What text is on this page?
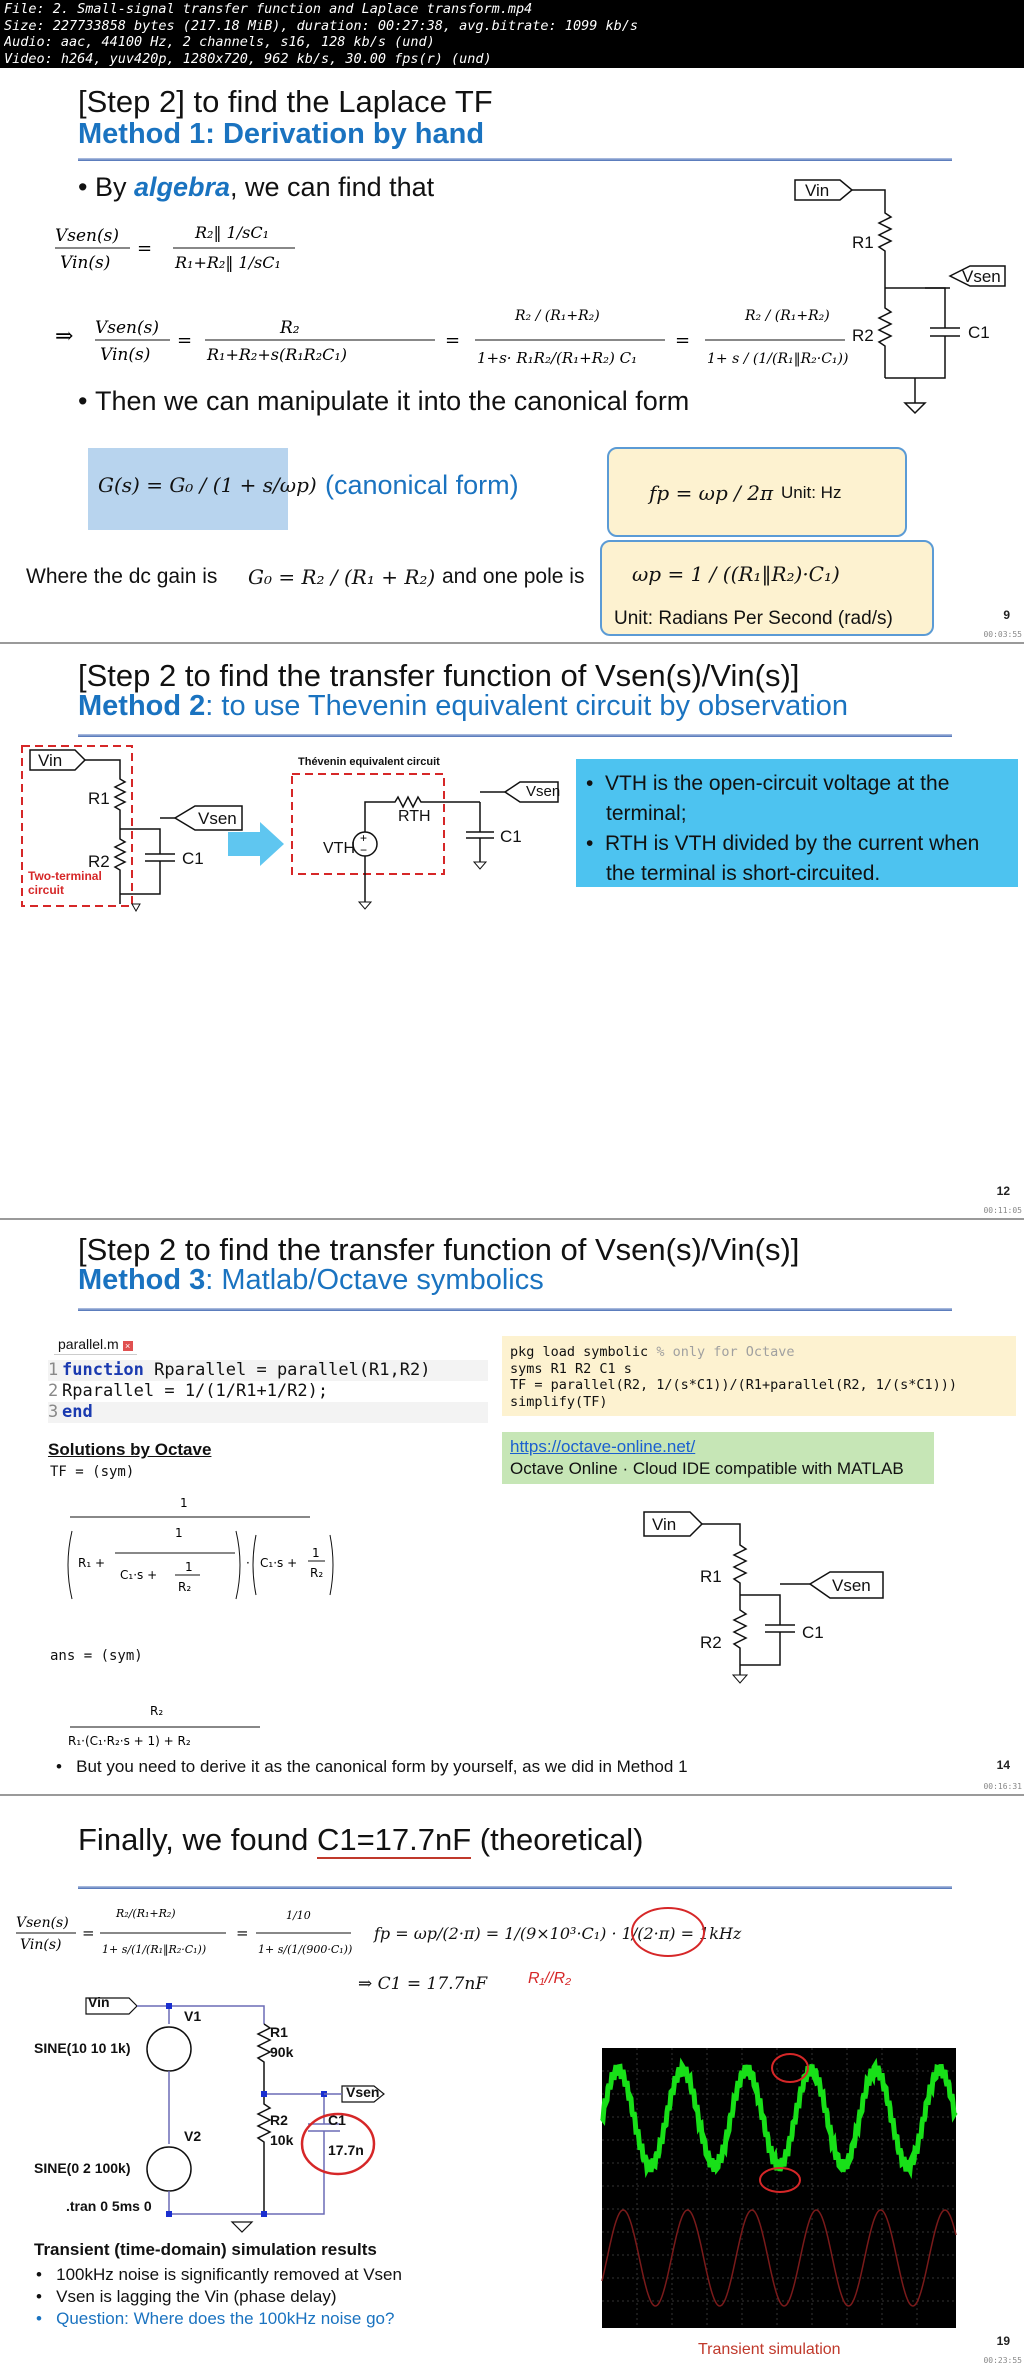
File: 2. Small-signal transfer function and Laplace transform.mp4
Size: 227733858 bytes (217.18 MiB), duration: 00:27:38, avg.bitrate: 1099 kb/s
Audio: aac, 44100 Hz, 2 channels, s16, 128 kb/s (und)
Video: h264, yuv420p, 1280x720, 962 kb/s, 30.00 fps(r) (und)
[Step 2] to find the Laplace TF
Method 1: Derivation by hand
• By algebra, we can find that
Vsen(s)
Vin(s)
=
R₂‖ 1/sC₁
R₁+R₂‖ 1/sC₁
⇒ Vsen(s)
Vin(s)
=
R₂
R₁+R₂+s(R₁R₂C₁)
=
R₂ / (R₁+R₂)
1+s· R₁R₂/(R₁+R₂) C₁
=
R₂ / (R₁+R₂)
1+ s / (1/(R₁‖R₂·C₁))
• Then we can manipulate it into the canonical form
G(s) = G₀ / (1 + s/ωp) (canonical form)	fp = ωp / 2π Unit: Hz
Where the dc gain is G₀ = R₂ / (R₁ + R₂) and one pole is ωp = 1 / ((R₁‖R₂)·C₁)
Unit: Radians Per Second (rad/s)
Vin
R1
R2	C1
Vsen
9
00:03:55
[Step 2 to find the transfer function of Vsen(s)/Vin(s)]
Method 2: to use Thevenin equivalent circuit by observation
Vin
R1
R2	C1
Vsen
Two-terminal circuit
Thévenin equivalent circuit
+
−
RTH
VTH
Vsen
C1
•  VTH is the open-circuit voltage at the terminal;
•  RTH is VTH divided by the current when the terminal is short-circuited.
12
00:11:05
[Step 2 to find the transfer function of Vsen(s)/Vin(s)]
Method 3: Matlab/Octave symbolics
parallel.m ×
1 function Rparallel = parallel(R1,R2)
2 Rparallel = 1/(1/R1+1/R2);
3 end
pkg load symbolic % only for Octave
syms R1 R2 C1 s
TF = parallel(R2, 1/(s*C1))/(R1+parallel(R2, 1/(s*C1)))
simplify(TF)
https://octave-online.net/
Octave Online · Cloud IDE compatible with MATLAB
Solutions by Octave
TF = (sym)
1
R₁ +
1
C₁·s +
1
R₂
· C₁·s +
1
R₂
R₂
R₁·(C₁·R₂·s + 1) + R₂
ans = (sym)
Vin
R1
R2
C1
Vsen
•   But you need to derive it as the canonical form by yourself, as we did in Method 1	14
00:16:31
Finally, we found C1=17.7nF (theoretical)
Vsen(s)
Vin(s)
=
R₂/(R₁+R₂)
1+ s/(1/(R₁‖R₂·C₁))
=
1/10
1+ s/(1/(900·C₁))
fp = ωp/(2·π) = 1/(9×10³·C₁) · 1/(2·π) = 1kHz
⇒ C1 = 17.7nF	R₁//R₂
Vin
V1
SINE(10 10 1k)
V2
SINE(0 2 100k)
R1
90k
R2
10k
C1
17.7n
Vsen
.tran 0 5ms 0
Transient simulation
Transient (time-domain) simulation results
•   100kHz noise is significantly removed at Vsen
•   Vsen is lagging the Vin (phase delay)
•   Question: Where does the 100kHz noise go?
19
00:23:55
